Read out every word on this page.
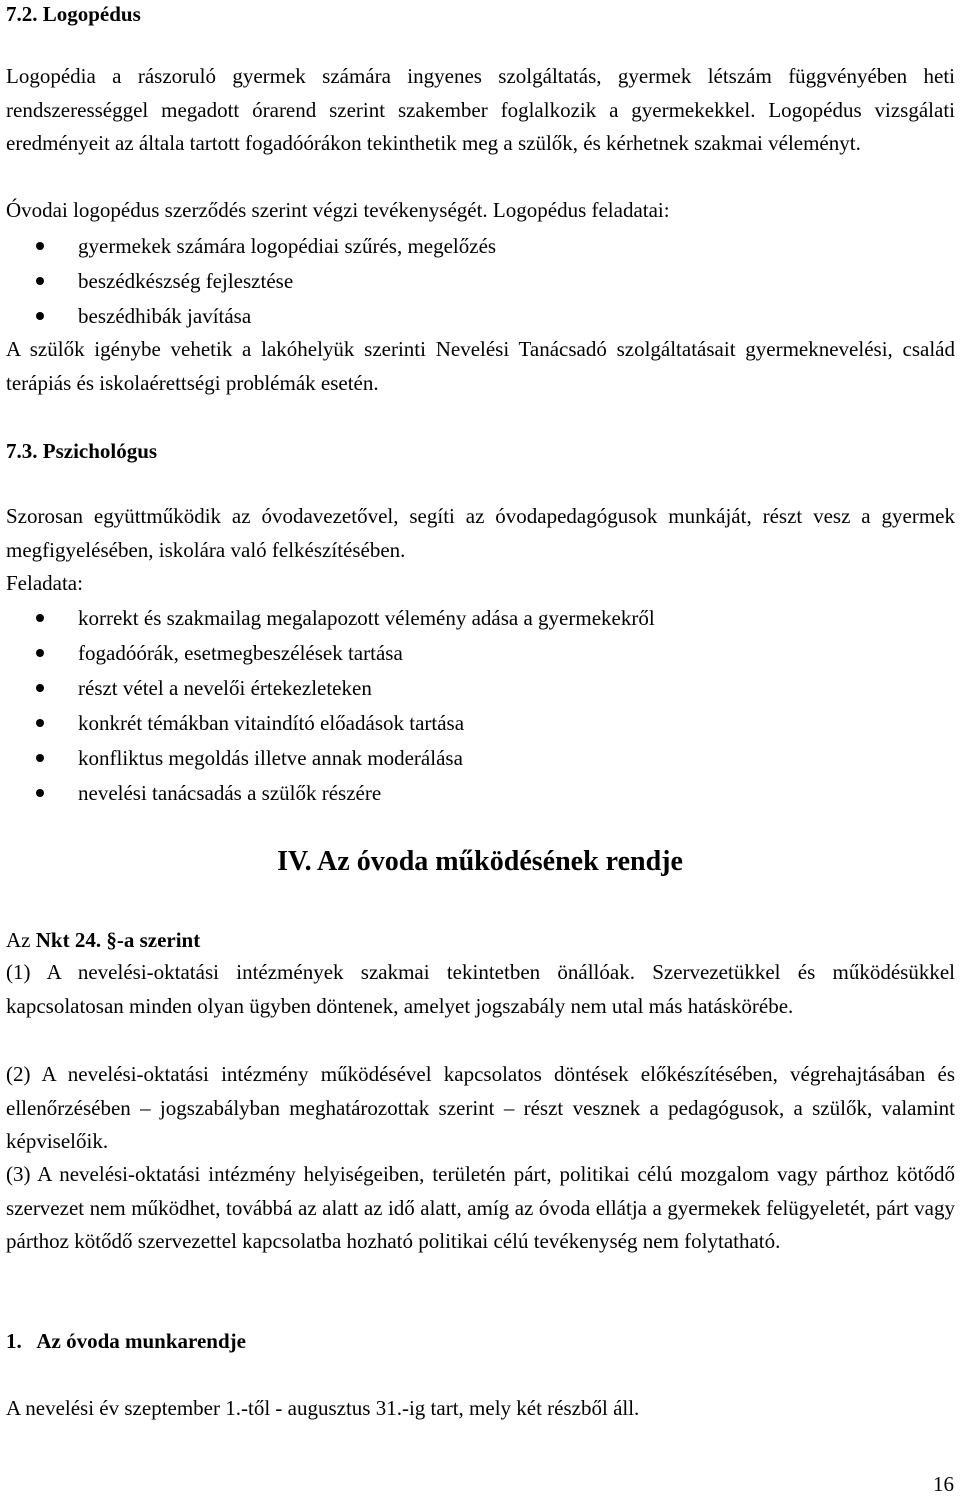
7.2. Logopédus

Logopédia a rászoruló gyermek számára ingyenes szolgáltatás, gyermek létszám függvényében heti rendszerességgel megadott órarend szerint szakember foglalkozik a gyermekekkel. Logopédus vizsgálati eredményeit az általa tartott fogadóórákon tekinthetik meg a szülők, és kérhetnek szakmai véleményt.

Óvodai logopédus szerződés szerint végzi tevékenységét. Logopédus feladatai:

gyermekek számára logopédiai szűrés, megelőzés
beszédkészség fejlesztése
beszédhibák javítása

A szülők igénybe vehetik a lakóhelyük szerinti Nevelési Tanácsadó szolgáltatásait gyermeknevelési, család terápiás és iskolaérettségi problémák esetén.

7.3. Pszichológus

Szorosan együttműködik az óvodavezetővel, segíti az óvodapedagógusok munkáját, részt vesz a gyermek megfigyelésében, iskolára való felkészítésében.

Feladata:
korrekt és szakmailag megalapozott vélemény adása a gyermekekről
fogadóórák, esetmegbeszélések tartása
részt vétel a nevelői értekezleteken
konkrét témákban vitaindító előadások tartása
konfliktus megoldás illetve annak moderálása
nevelési tanácsadás a szülők részére
IV. Az óvoda működésének rendje
Az Nkt 24. §-a szerint

(1) A nevelési-oktatási intézmények szakmai tekintetben önállóak. Szervezetükkel és működésükkel kapcsolatosan minden olyan ügyben döntenek, amelyet jogszabály nem utal más hatáskörébe.

(2) A nevelési-oktatási intézmény működésével kapcsolatos döntések előkészítésében, végrehajtásában és ellenőrzésében – jogszabályban meghatározottak szerint – részt vesznek a pedagógusok, a szülők, valamint képviselőik.

(3) A nevelési-oktatási intézmény helyiségeiben, területén párt, politikai célú mozgalom vagy párthoz kötődő szervezet nem működhet, továbbá az alatt az idő alatt, amíg az óvoda ellátja a gyermekek felügyeletét, párt vagy párthoz kötődő szervezettel kapcsolatba hozható politikai célú tevékenység nem folytatható.

1.   Az óvoda munkarendje
A nevelési év szeptember 1.-től - augusztus 31.-ig tart, mely két részből áll.
16
